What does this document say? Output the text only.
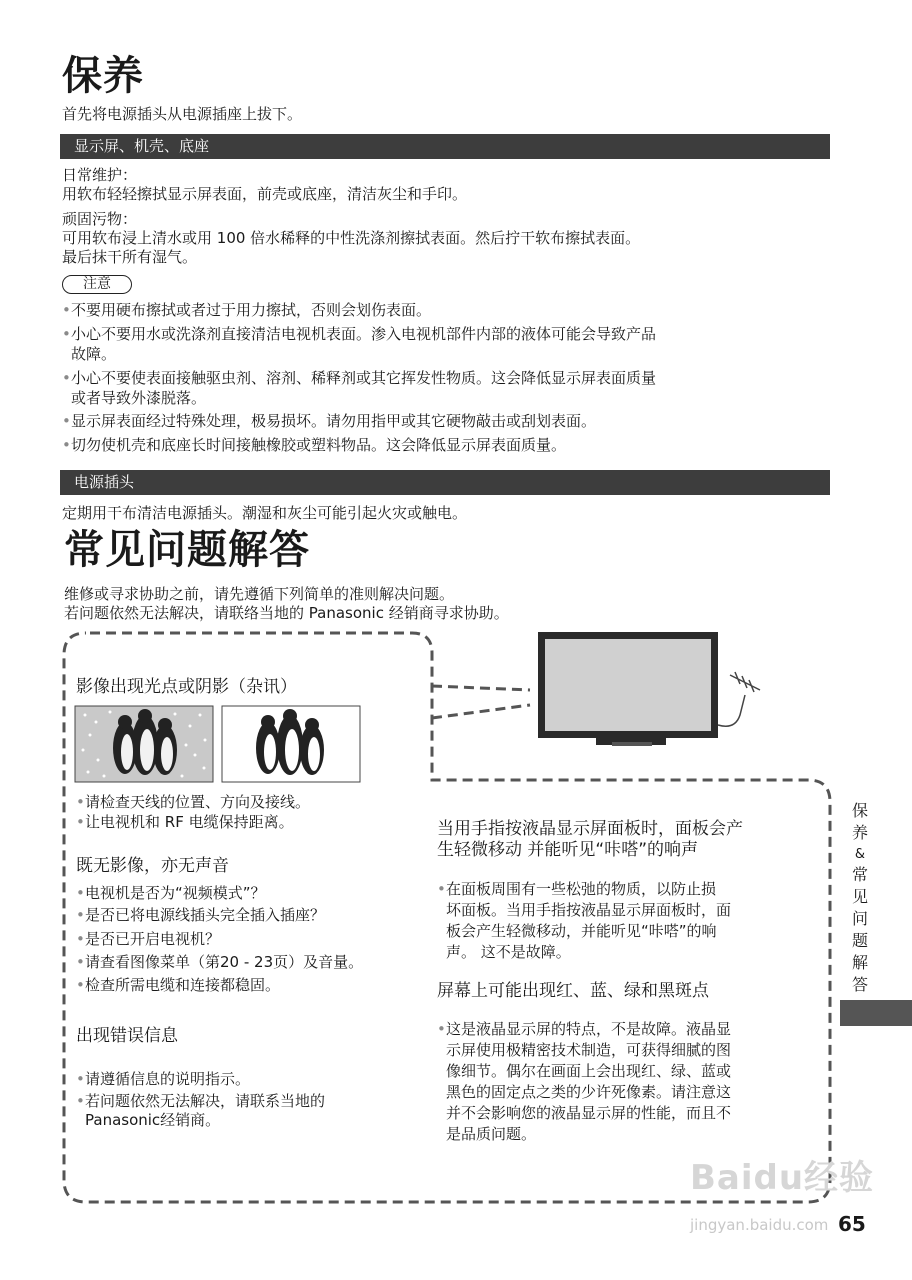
保养
首先将电源插头从电源插座上拔下。
显示屏、机壳、底座
日常维护：
用软布轻轻擦拭显示屏表面，前壳或底座，清洁灰尘和手印。
顽固污物：
可用软布浸上清水或用 100 倍水稀释的中性洗涤剂擦拭表面。然后拧干软布擦拭表面。
最后抹干所有湿气。
注意
• 不要用硬布擦拭或者过于用力擦拭，否则会划伤表面。
• 小心不要用水或洗涤剂直接清洁电视机表面。渗入电视机部件内部的液体可能会导致产品
故障。
• 小心不要使表面接触驱虫剂、溶剂、稀释剂或其它挥发性物质。这会降低显示屏表面质量
或者导致外漆脱落。
• 显示屏表面经过特殊处理，极易损坏。请勿用指甲或其它硬物敲击或刮划表面。
• 切勿使机壳和底座长时间接触橡胶或塑料物品。这会降低显示屏表面质量。
电源插头
定期用干布清洁电源插头。潮湿和灰尘可能引起火灾或触电。
常见问题解答
维修或寻求协助之前，请先遵循下列简单的准则解决问题。
若问题依然无法解决，请联络当地的 Panasonic 经销商寻求协助。
影像出现光点或阴影（杂讯）
• 请检查天线的位置、方向及接线。
• 让电视机和 RF 电缆保持距离。
既无影像，亦无声音
• 电视机是否为“视频模式”？
• 是否已将电源线插头完全插入插座？
• 是否已开启电视机？
• 请查看图像菜单（第20 - 23页）及音量。
• 检查所需电缆和连接都稳固。
出现错误信息
• 请遵循信息的说明指示。
• 若问题依然无法解决，请联系当地的
Panasonic经销商。
当用手指按液晶显示屏面板时，面板会产
生轻微移动 并能听见“咔嗒”的响声
• 在面板周围有一些松弛的物质，以防止损
坏面板。当用手指按液晶显示屏面板时，面
板会产生轻微移动，并能听见“咔嗒”的响
声。 这不是故障。
屏幕上可能出现红、蓝、绿和黑斑点
• 这是液晶显示屏的特点，不是故障。液晶显
示屏使用极精密技术制造，可获得细腻的图
像细节。偶尔在画面上会出现红、绿、蓝或
黑色的固定点之类的少许死像素。请注意这
并不会影响您的液晶显示屏的性能，而且不
是品质问题。
保
养
&
常
见
问
题
解
答
Baidu经验
jingyan.baidu.com 65
